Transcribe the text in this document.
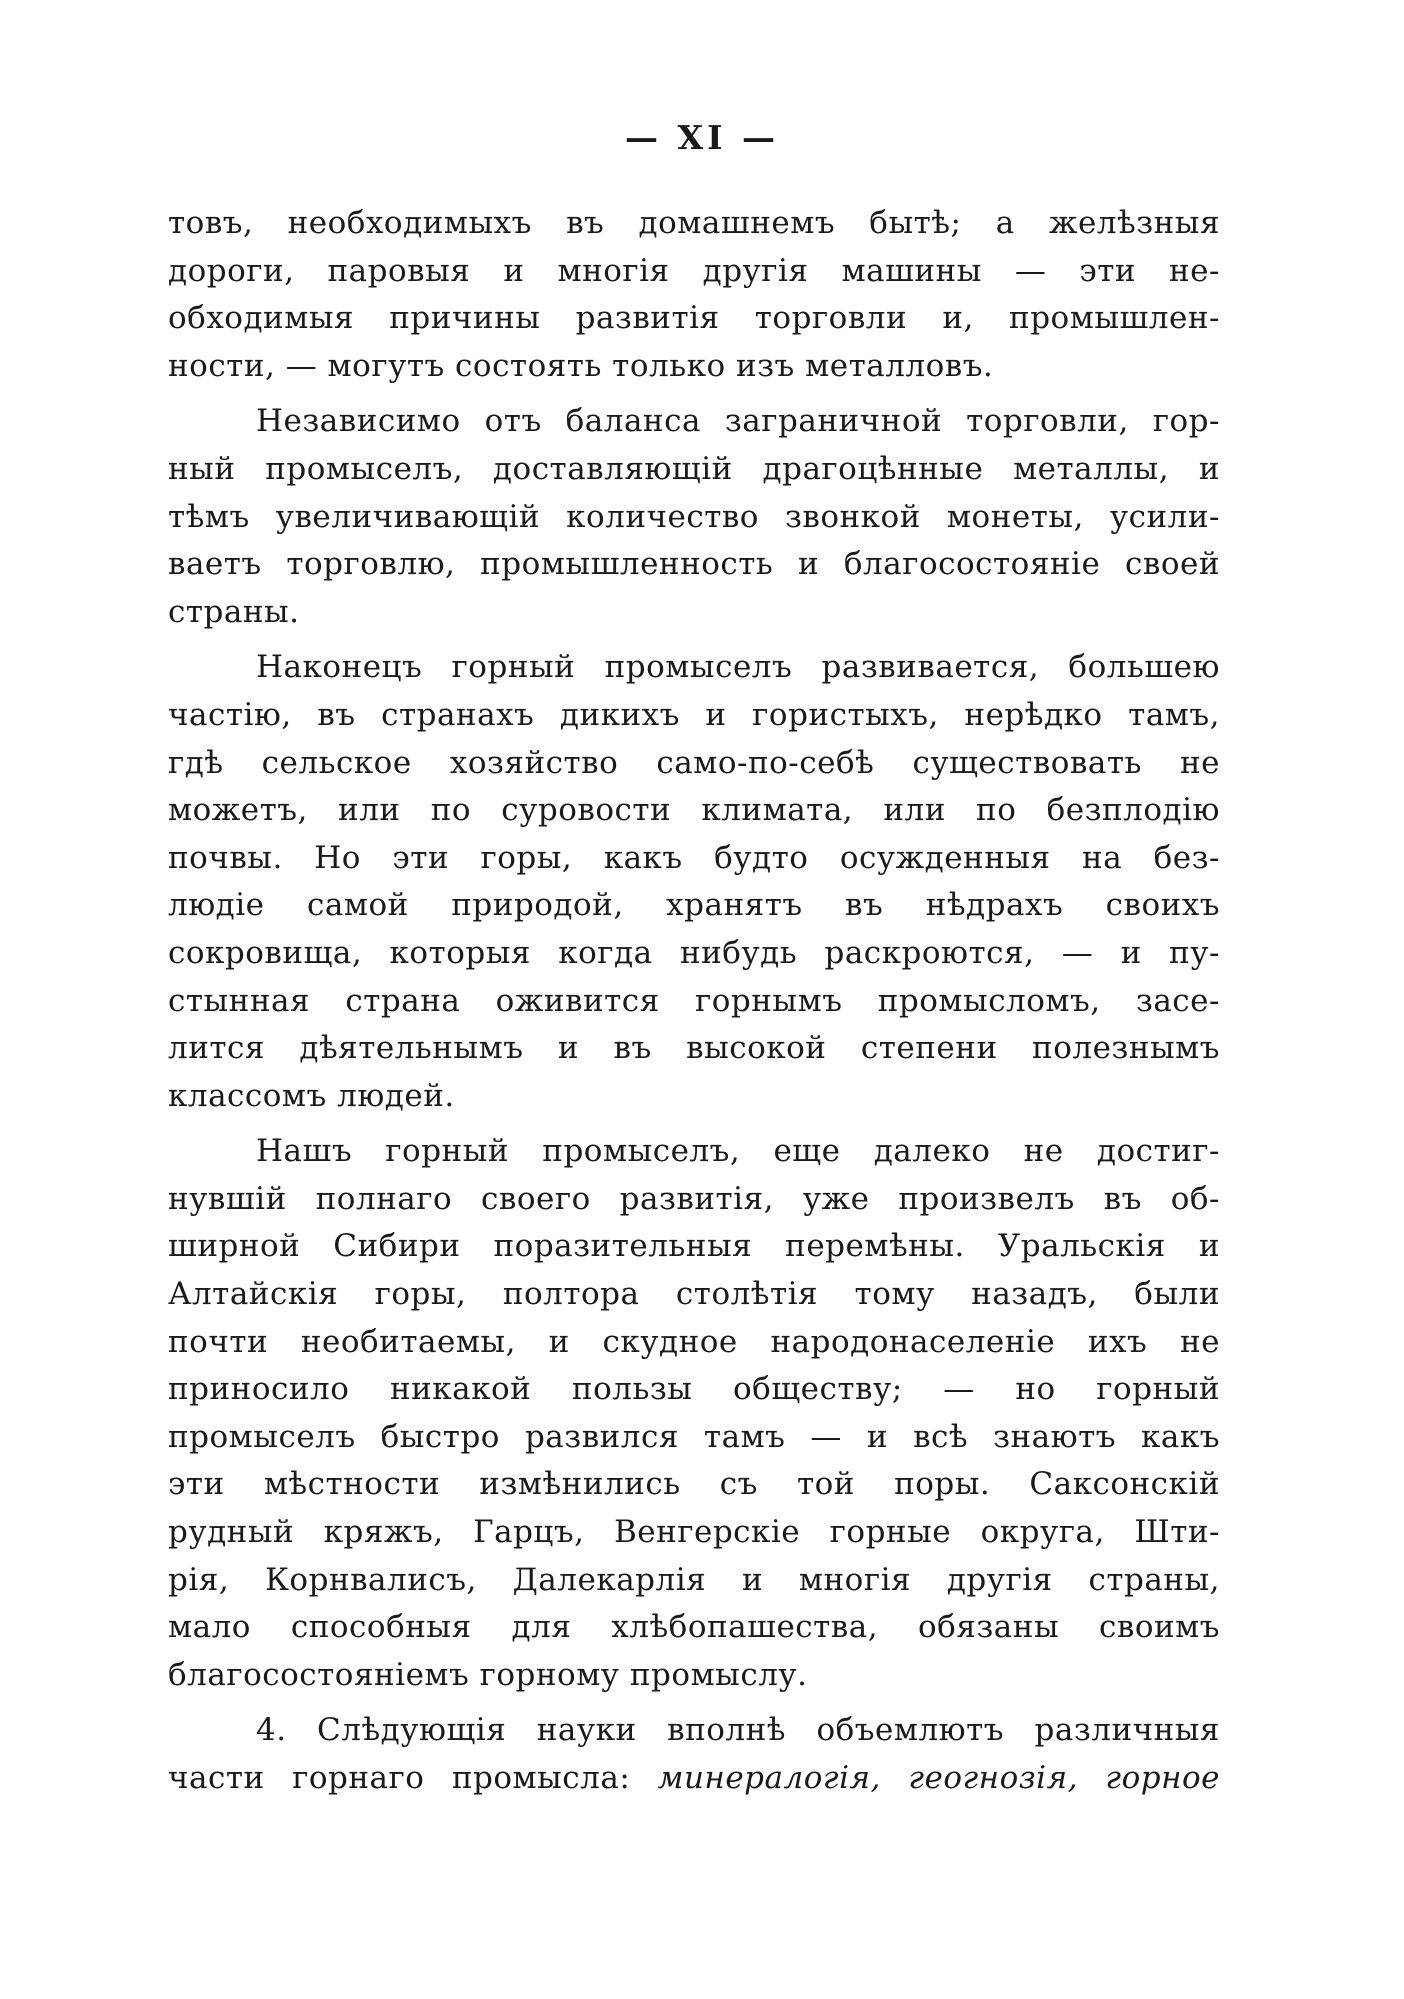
— XI —
товъ, необходимыхъ въ домашнемъ бытѣ; а желѣзныя
дороги, паровыя и многія другія машины — эти не-
обходимыя причины развитія торговли и, промышлен-
ности, — могутъ состоять только изъ металловъ.
Независимо отъ баланса заграничной торговли, гор-
ный промыселъ, доставляющій драгоцѣнные металлы, и
тѣмъ увеличивающій количество звонкой монеты, усили-
ваетъ торговлю, промышленность и благосостояніе своей
страны.
Наконецъ горный промыселъ развивается, большею
частію, въ странахъ дикихъ и гористыхъ, нерѣдко тамъ,
гдѣ сельское хозяйство само-по-себѣ существовать не
можетъ, или по суровости климата, или по безплодію
почвы. Но эти горы, какъ будто осужденныя на без-
людіе самой природой, хранятъ въ нѣдрахъ своихъ
сокровища, которыя когда нибудь раскроются, — и пу-
стынная страна оживится горнымъ промысломъ, засе-
лится дѣятельнымъ и въ высокой степени полезнымъ
классомъ людей.
Нашъ горный промыселъ, еще далеко не достиг-
нувшій полнаго своего развитія, уже произвелъ въ об-
ширной Сибири поразительныя перемѣны. Уральскія и
Алтайскія горы, полтора столѣтія тому назадъ, были
почти необитаемы, и скудное народонаселеніе ихъ не
приносило никакой пользы обществу; — но горный
промыселъ быстро развился тамъ — и всѣ знаютъ какъ
эти мѣстности измѣнились съ той поры. Саксонскій
рудный кряжъ, Гарцъ, Венгерскіе горные округа, Шти-
рія, Корнвалисъ, Далекарлія и многія другія страны,
мало способныя для хлѣбопашества, обязаны своимъ
благосостояніемъ горному промыслу.
4. Слѣдующія науки вполнѣ объемлютъ различныя
части горнаго промысла: минералогія, геогнозія, горное
